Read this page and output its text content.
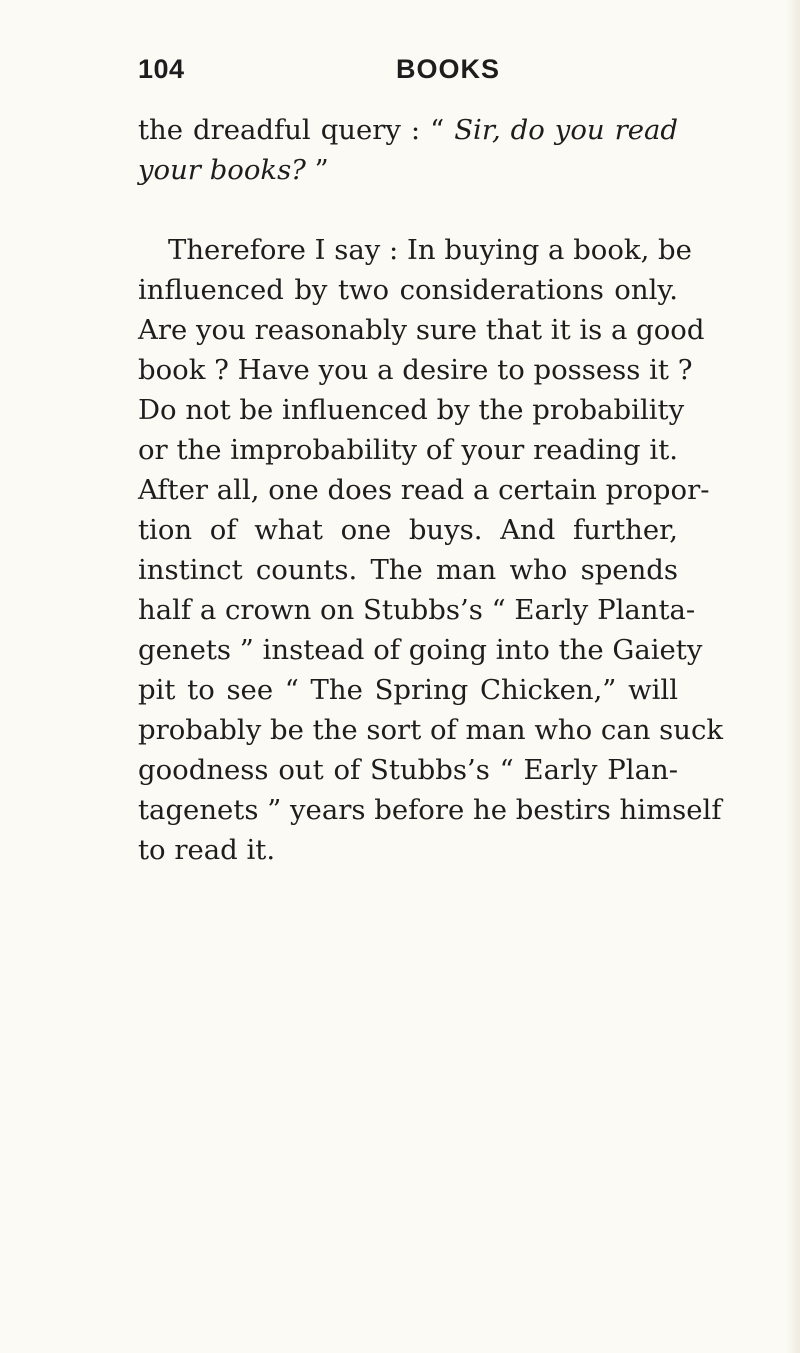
104	BOOKS
the dreadful query : “ Sir, do you read
your books? ”
Therefore I say : In buying a book, be
influenced by two considerations only.
Are you reasonably sure that it is a good
book ? Have you a desire to possess it ?
Do not be influenced by the probability
or the improbability of your reading it.
After all, one does read a certain propor-
tion of what one buys. And further,
instinct counts. The man who spends
half a crown on Stubbs’s “ Early Planta-
genets ” instead of going into the Gaiety
pit to see “ The Spring Chicken,” will
probably be the sort of man who can suck
goodness out of Stubbs’s “ Early Plan-
tagenets ” years before he bestirs himself
to read it.
